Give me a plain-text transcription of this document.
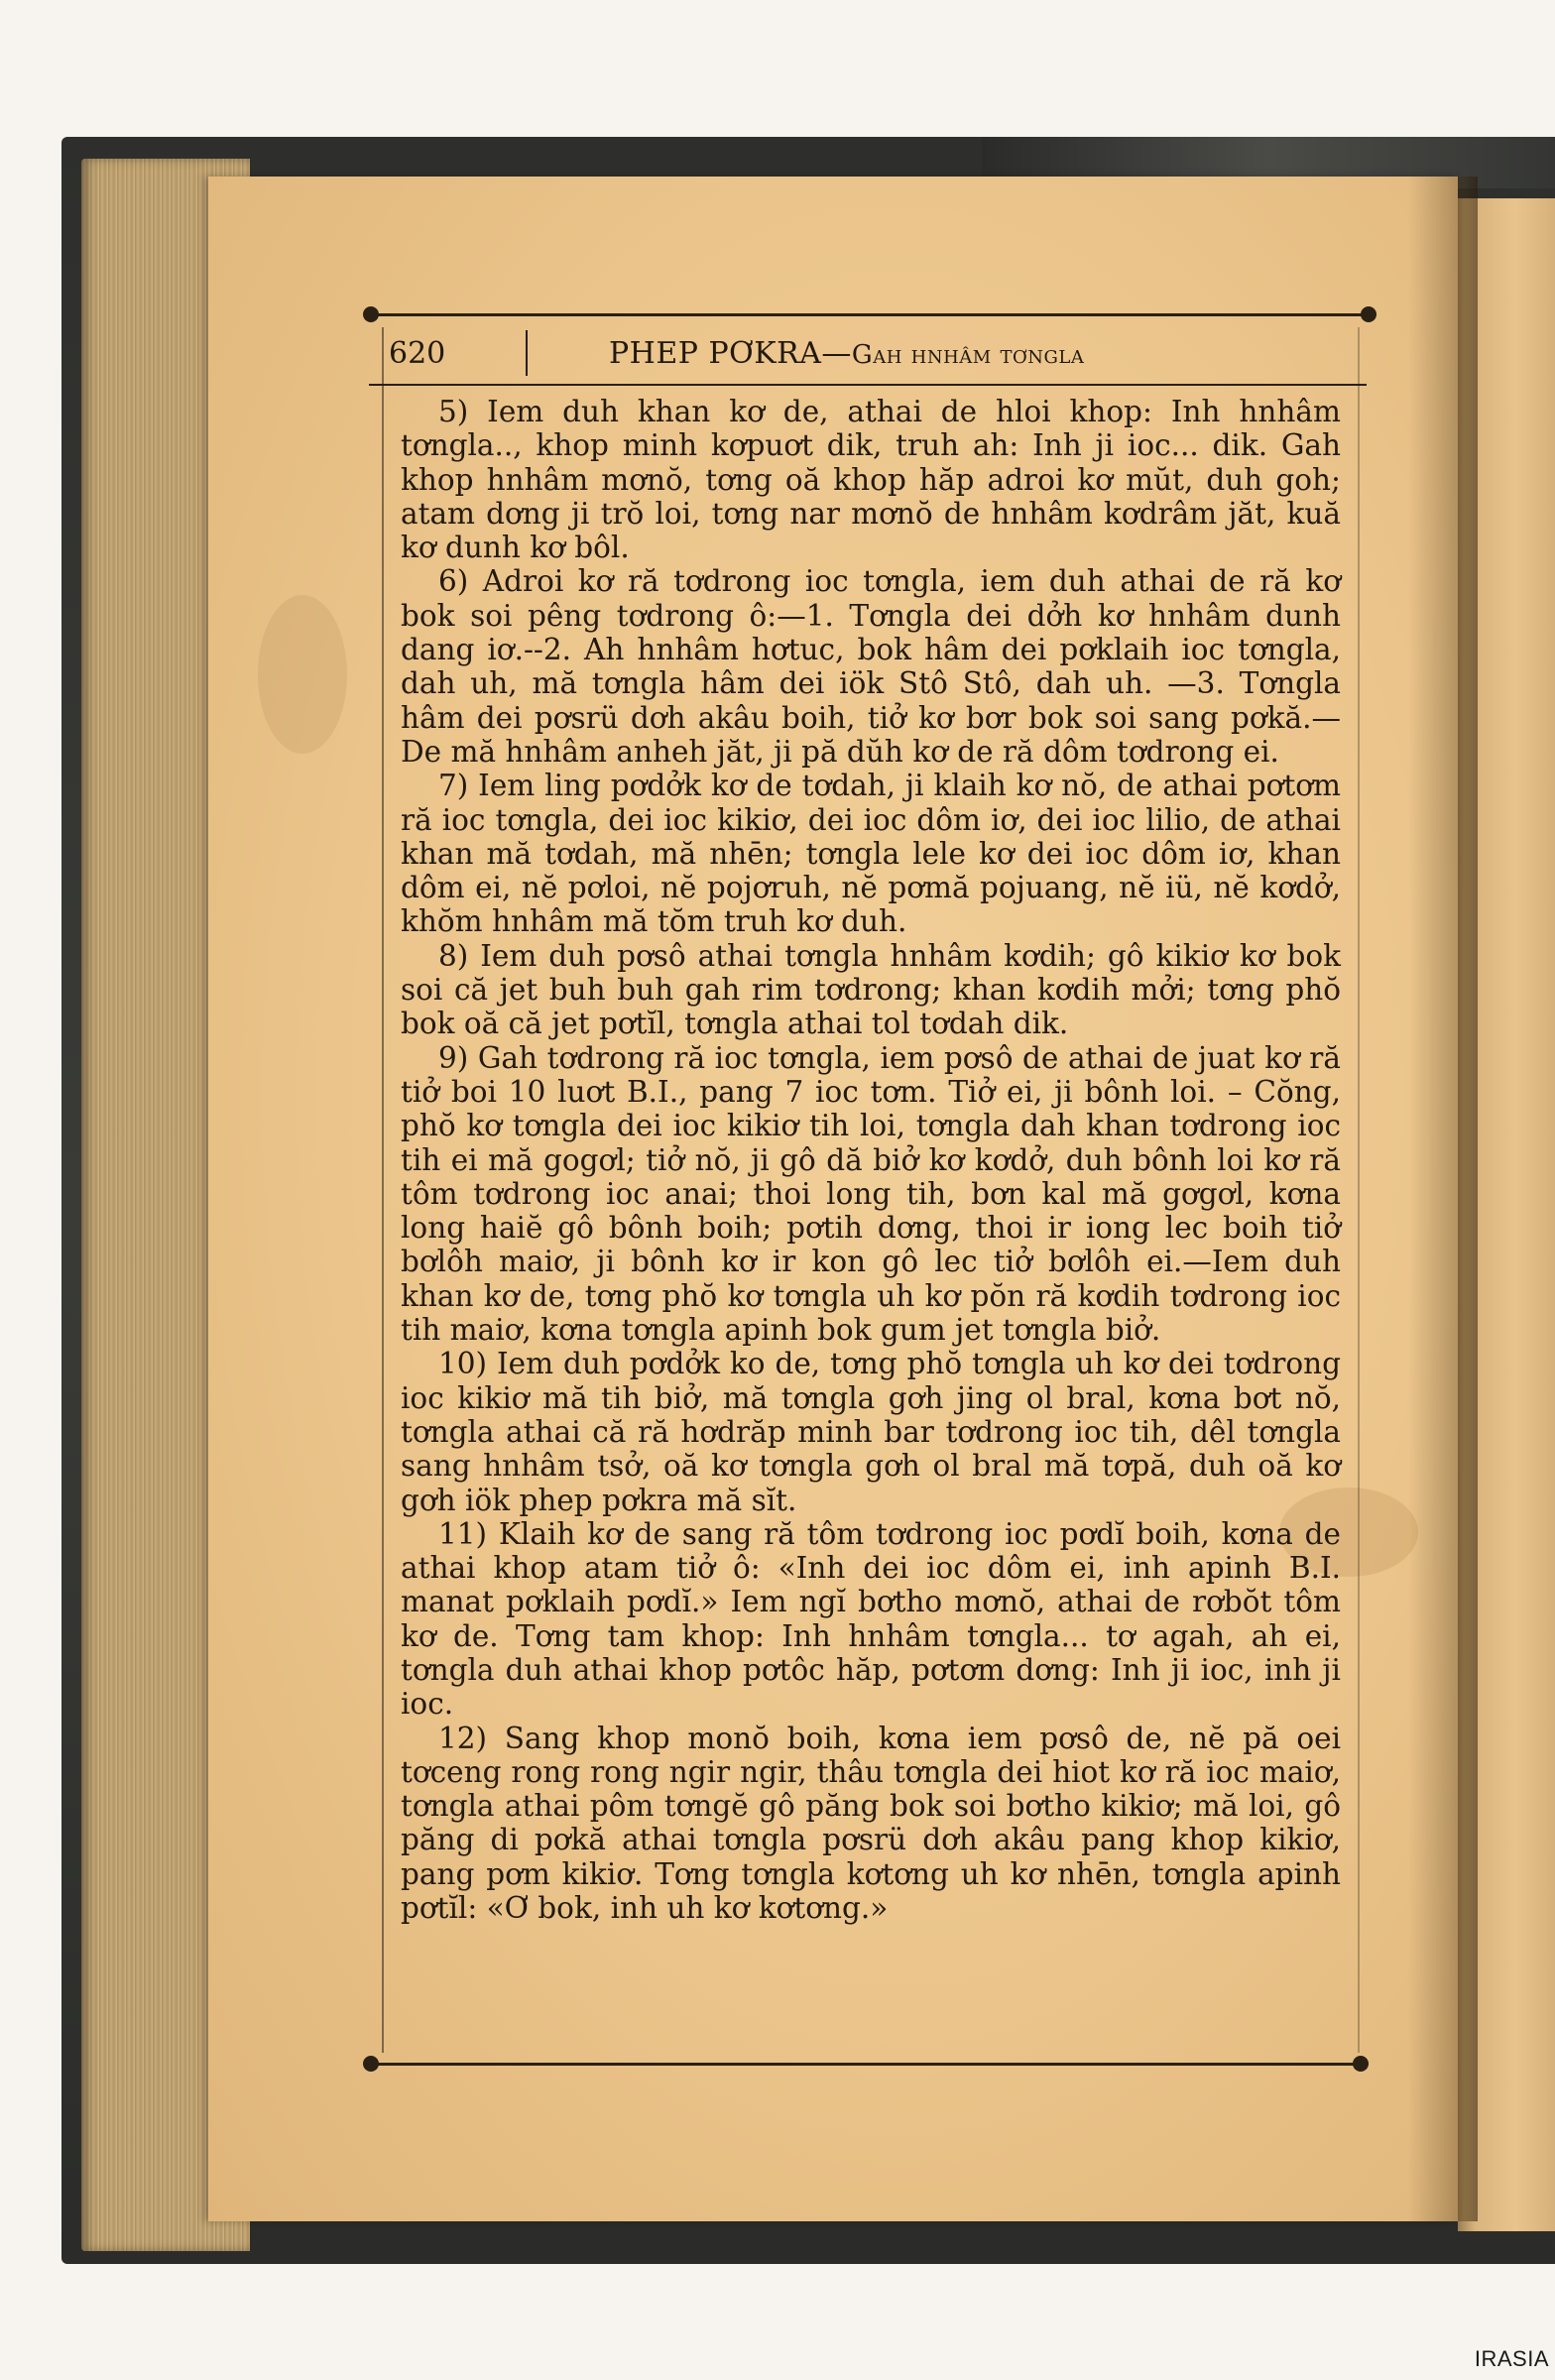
620	PHEP PƠKRA—Gah hnhâm tơngla

5) Iem duh khan kơ de, athai de hloi khop: Inh hnhâm tơngla.., khop minh kơpuơt dik, truh ah: Inh ji ioc... dik. Gah khop hnhâm mơnŏ, tơng oă khop hăp adroi kơ mŭt, duh goh; atam dơng ji trŏ loi, tơng nar mơnŏ de hnhâm kơdrâm jăt, kuă kơ dunh kơ bôl.

6) Adroi kơ ră tơdrong ioc tơngla, iem duh athai de ră kơ bok soi pêng tơdrong ô:—1. Tơngla dei dởh kơ hnhâm dunh dang iơ.--2. Ah hnhâm hơtuc, bok hâm dei pơklaih ioc tơngla, dah uh, mă tơngla hâm dei iök Stô Stô, dah uh. —3. Tơngla hâm dei pơsrü dơh akâu boih, tiở kơ bơr bok soi sang pơkă.—De mă hnhâm anheh jăt, ji pă dŭh kơ de ră dôm tơdrong ei.

7) Iem ling pơdởk kơ de tơdah, ji klaih kơ nŏ, de athai pơtơm ră ioc tơngla, dei ioc kikiơ, dei ioc dôm iơ, dei ioc lilio, de athai khan mă tơdah, mă nhēn; tơngla lele kơ dei ioc dôm iơ, khan dôm ei, nĕ pơloi, nĕ pojơruh, nĕ pơmă pojuang, nĕ iü, nĕ kơdở, khŏm hnhâm mă tŏm truh kơ duh.

8) Iem duh pơsô athai tơngla hnhâm kơdih; gô kikiơ kơ bok soi că jet buh buh gah rim tơdrong; khan kơdih mởi; tơng phŏ bok oă că jet pơtĭl, tơngla athai tol tơdah dik.

9) Gah tơdrong ră ioc tơngla, iem pơsô de athai de juat kơ ră tiở boi 10 luơt B.I., pang 7 ioc tơm. Tiở ei, ji bônh loi. – Cŏng, phŏ kơ tơngla dei ioc kikiơ tih loi, tơngla dah khan tơdrong ioc tih ei mă gogơl; tiở nŏ, ji gô dă biở kơ kơdở, duh bônh loi kơ ră tôm tơdrong ioc anai; thoi long tih, bơn kal mă gơgơl, kơna long haiĕ gô bônh boih; pơtih dơng, thoi ir iong lec boih tiở bơlôh maiơ, ji bônh kơ ir kon gô lec tiở bơlôh ei.—Iem duh khan kơ de, tơng phŏ kơ tơngla uh kơ pŏn ră kơdih tơdrong ioc tih maiơ, kơna tơngla apinh bok gum jet tơngla biở.

10) Iem duh pơdởk ko de, tơng phŏ tơngla uh kơ dei tơdrong ioc kikiơ mă tih biở, mă tơngla gơh jing ol bral, kơna bơt nŏ, tơngla athai că ră hơdrăp minh bar tơdrong ioc tih, dêl tơngla sang hnhâm tsở, oă kơ tơngla gơh ol bral mă tơpă, duh oă kơ gơh iök phep pơkra mă sĭt.

11) Klaih kơ de sang ră tôm tơdrong ioc pơdĭ boih, kơna de athai khop atam tiở ô: «Inh dei ioc dôm ei, inh apinh B.I. manat pơklaih pơdĭ.» Iem ngĭ bơtho mơnŏ, athai de rơbŏt tôm kơ de. Tơng tam khop: Inh hnhâm tơngla... tơ agah, ah ei, tơngla duh athai khop pơtôc hăp, pơtơm dơng: Inh ji ioc, inh ji ioc.

12) Sang khop monŏ boih, kơna iem pơsô de, nĕ pă oei tơceng rong rong ngir ngir, thâu tơngla dei hiot kơ ră ioc maiơ, tơngla athai pôm tơngĕ gô păng bok soi bơtho kikiơ; mă loi, gô păng di pơkă athai tơngla pơsrü dơh akâu pang khop kikiơ, pang pơm kikiơ. Tơng tơngla kơtơng uh kơ nhēn, tơngla apinh pơtĭl: «Ơ bok, inh uh kơ kơtơng.»

IRASIA
